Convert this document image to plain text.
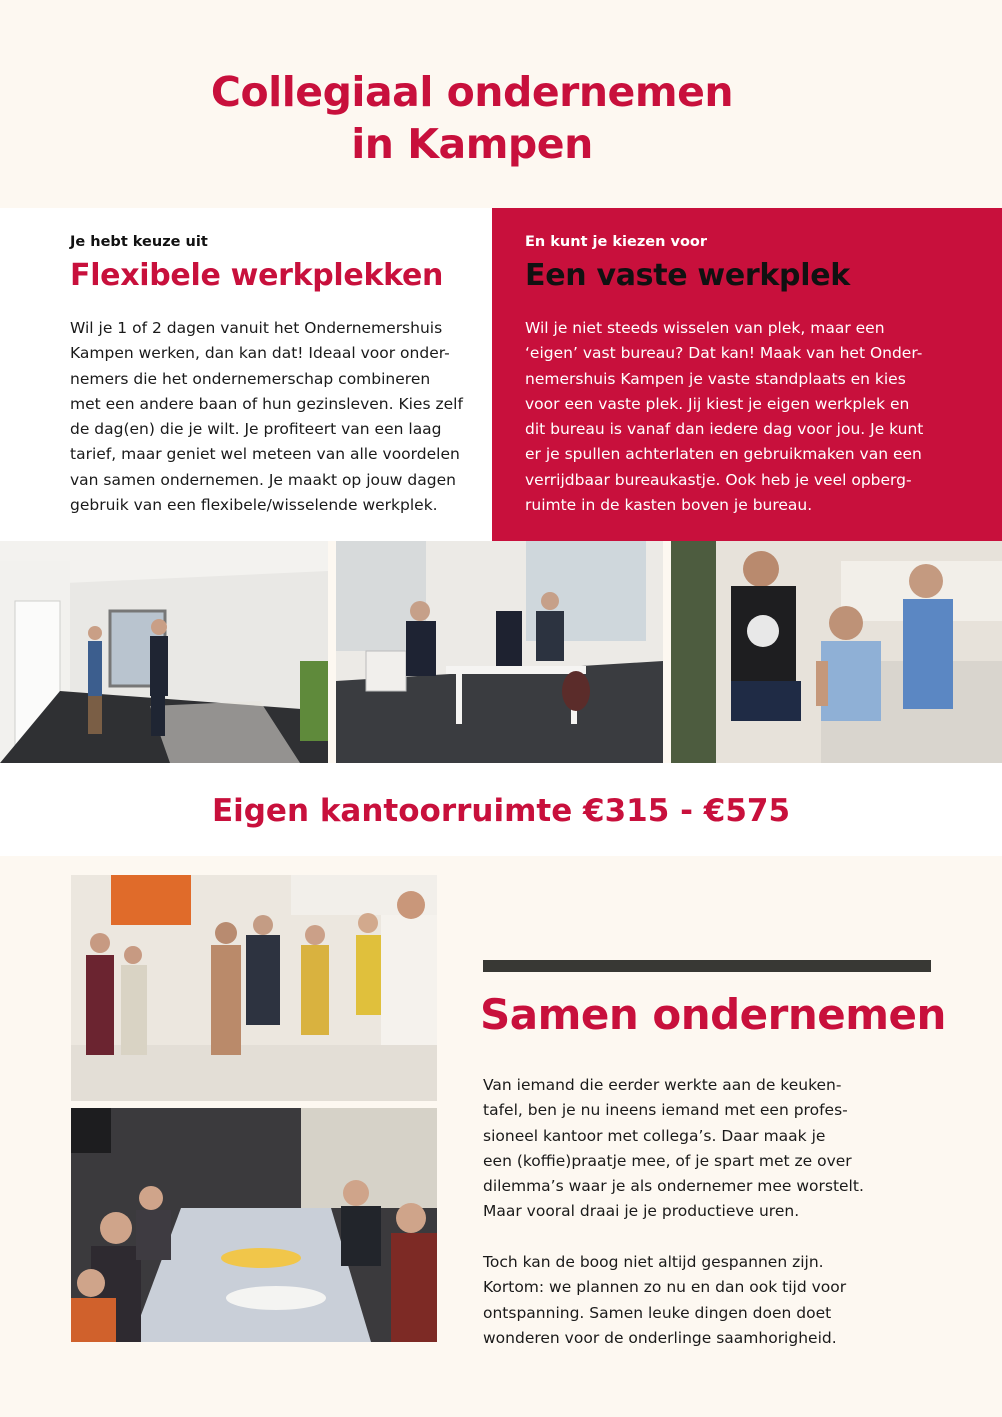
Collegiaal ondernemen
in Kampen
Je hebt keuze uit
Flexibele werkplekken
Wil je 1 of 2 dagen vanuit het Ondernemershuis
Kampen werken, dan kan dat! Ideaal voor onder-
nemers die het ondernemerschap combineren
met een andere baan of hun gezinsleven. Kies zelf
de dag(en) die je wilt. Je profiteert van een laag
tarief, maar geniet wel meteen van alle voordelen
van samen ondernemen. Je maakt op jouw dagen
gebruik van een flexibele/wisselende werkplek.
En kunt je kiezen voor
Een vaste werkplek
Wil je niet steeds wisselen van plek, maar een
‘eigen’ vast bureau? Dat kan! Maak van het Onder-
nemershuis Kampen je vaste standplaats en kies
voor een vaste plek. Jij kiest je eigen werkplek en
dit bureau is vanaf dan iedere dag voor jou. Je kunt
er je spullen achterlaten en gebruikmaken van een
verrijdbaar bureaukastje. Ook heb je veel opberg-
ruimte in de kasten boven je bureau.
Eigen kantoorruimte €315 - €575
Samen ondernemen
Van iemand die eerder werkte aan de keuken-
tafel, ben je nu ineens iemand met een profes-
sioneel kantoor met collega’s. Daar maak je
een (koffie)praatje mee, of je spart met ze over
dilemma’s waar je als ondernemer mee worstelt.
Maar vooral draai je je productieve uren.
Toch kan de boog niet altijd gespannen zijn.
Kortom: we plannen zo nu en dan ook tijd voor
ontspanning. Samen leuke dingen doen doet
wonderen voor de onderlinge saamhorigheid.
